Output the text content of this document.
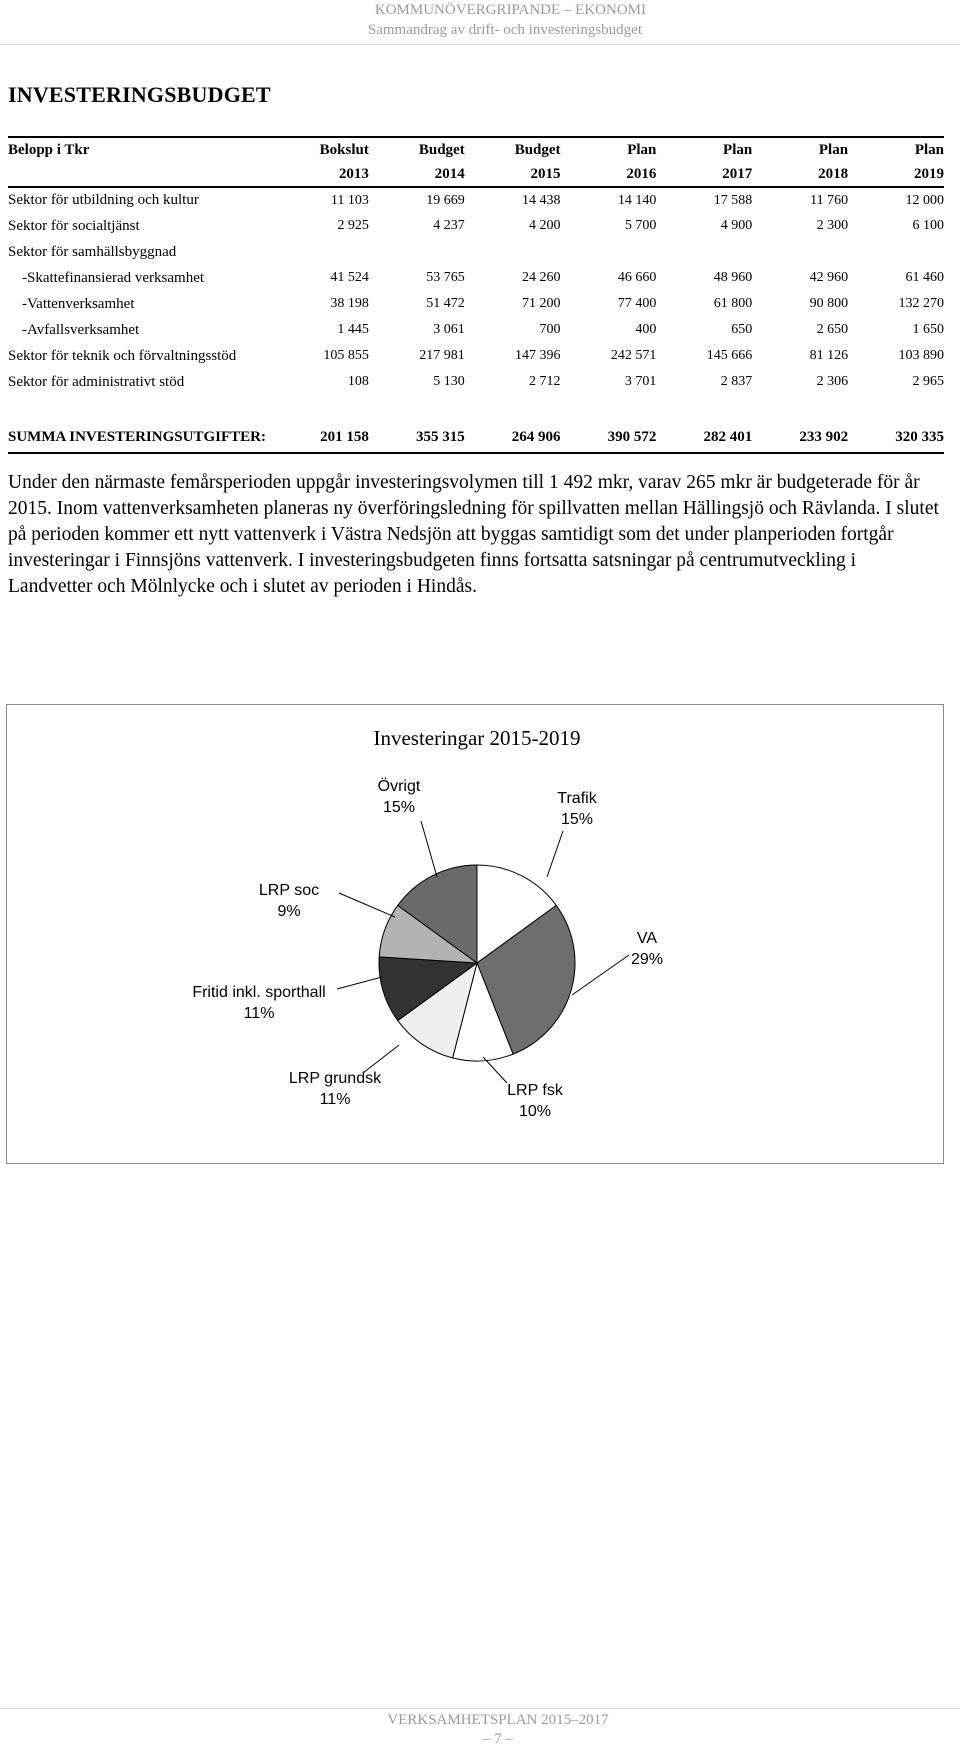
KOMMUNÖVERGRIPANDE – EKONOMI
Sammandrag av drift- och investeringsbudget
INVESTERINGSBUDGET
Belopp i Tkr	Bokslut	Budget	Budget	Plan	Plan	Plan	Plan
	2013	2014	2015	2016	2017	2018	2019
Sektor för utbildning och kultur	11 103	19 669	14 438	14 140	17 588	11 760	12 000
Sektor för socialtjänst	2 925	4 237	4 200	5 700	4 900	2 300	6 100
Sektor för samhällsbyggnad							
-Skattefinansierad verksamhet	41 524	53 765	24 260	46 660	48 960	42 960	61 460
-Vattenverksamhet	38 198	51 472	71 200	77 400	61 800	90 800	132 270
-Avfallsverksamhet	1 445	3 061	700	400	650	2 650	1 650
Sektor för teknik och förvaltningsstöd	105 855	217 981	147 396	242 571	145 666	81 126	103 890
Sektor för administrativt stöd	108	5 130	2 712	3 701	2 837	2 306	2 965

SUMMA INVESTERINGSUTGIFTER:	201 158	355 315	264 906	390 572	282 401	233 902	320 335
Under den närmaste femårsperioden uppgår investeringsvolymen till 1 492 mkr, varav 265 mkr är budgeterade för år 2015. Inom vattenverksamheten planeras ny överföringsledning för spillvatten mellan Hällingsjö och Rävlanda. I slutet på perioden kommer ett nytt vattenverk i Västra Nedsjön att byggas samtidigt som det under planperioden fortgår investeringar i Finnsjöns vattenverk. I investeringsbudgeten finns fortsatta satsningar på centrumutveckling i Landvetter och Mölnlycke och i slutet av perioden i Hindås.
Investeringar 2015-2019
Trafik
15%
VA
29%
LRP fsk
10%
LRP grundsk
11%
Fritid inkl. sporthall
11%
LRP soc
9%
Övrigt
15%
VERKSAMHETSPLAN 2015–2017
– 7 –
